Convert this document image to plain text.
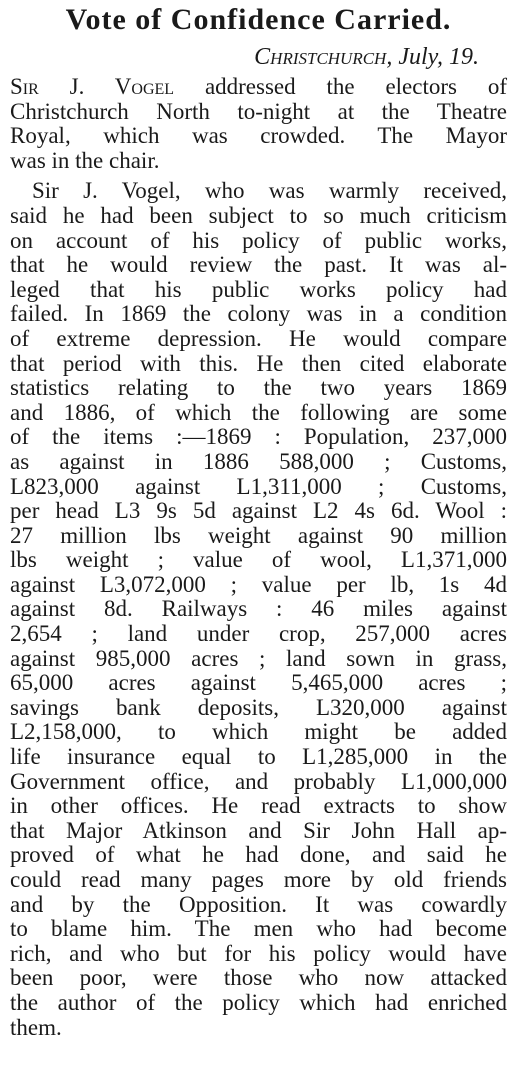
Vote of Confidence Carried.
Christchurch, July, 19.
Sir J. Vogel addressed the electors of
Christchurch North to-night at the Theatre
Royal, which was crowded. The Mayor
was in the chair.
Sir J. Vogel, who was warmly received,
said he had been subject to so much criticism
on account of his policy of public works,
that he would review the past. It was al-
leged that his public works policy had
failed. In 1869 the colony was in a condition
of extreme depression. He would compare
that period with this. He then cited elaborate
statistics relating to the two years 1869
and 1886, of which the following are some
of the items :—1869 : Population, 237,000
as against in 1886 588,000 ; Customs,
L823,000 against L1,311,000 ; Customs,
per head L3 9s 5d against L2 4s 6d. Wool :
27 million lbs weight against 90 million
lbs weight ; value of wool, L1,371,000
against L3,072,000 ; value per lb, 1s 4d
against 8d. Railways : 46 miles against
2,654 ; land under crop, 257,000 acres
against 985,000 acres ; land sown in grass,
65,000 acres against 5,465,000 acres ;
savings bank deposits, L320,000 against
L2,158,000, to which might be added
life insurance equal to L1,285,000 in the
Government office, and probably L1,000,000
in other offices. He read extracts to show
that Major Atkinson and Sir John Hall ap-
proved of what he had done, and said he
could read many pages more by old friends
and by the Opposition. It was cowardly
to blame him. The men who had become
rich, and who but for his policy would have
been poor, were those who now attacked
the author of the policy which had enriched
them.
